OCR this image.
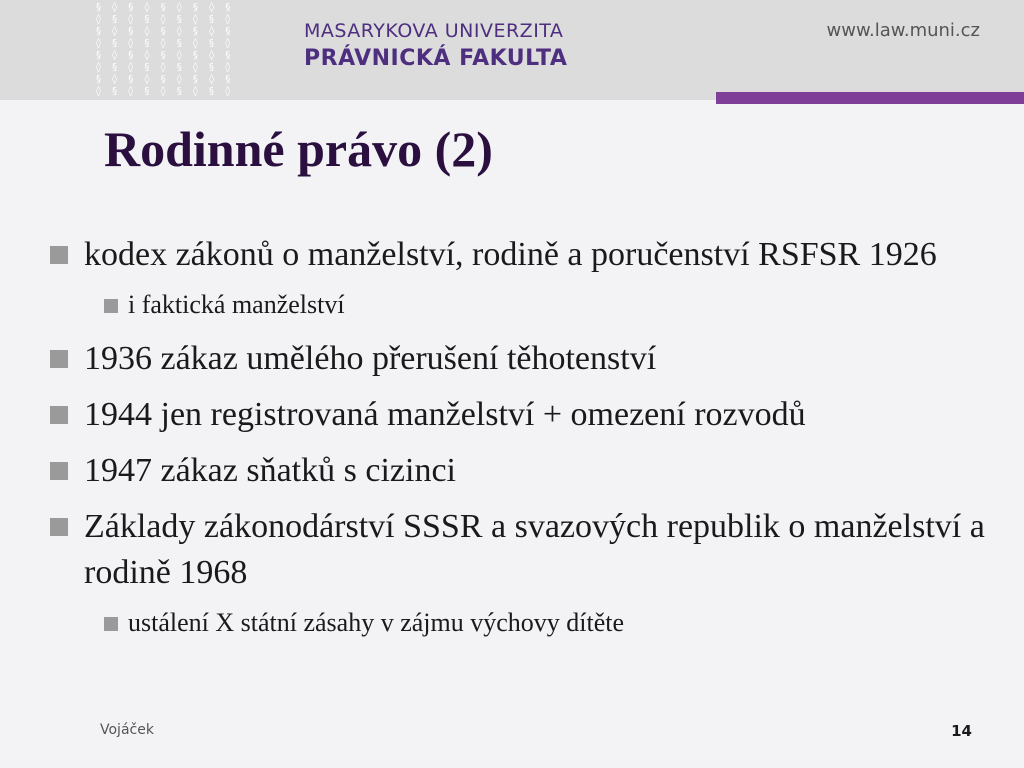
§ ◊ § ◊ § ◊ § ◊ §
◊ § ◊ § ◊ § ◊ § ◊
§ ◊ § ◊ § ◊ § ◊ §
◊ § ◊ § ◊ § ◊ § ◊
§ ◊ § ◊ § ◊ § ◊ §
◊ § ◊ § ◊ § ◊ § ◊
§ ◊ § ◊ § ◊ § ◊ §
◊ § ◊ § ◊ § ◊ § ◊
MASARYKOVA UNIVERZITA
PRÁVNICKÁ FAKULTA
www.law.muni.cz
Rodinné právo (2)
kodex zákonů o manželství, rodině a poručenství RSFSR 1926
i faktická manželství
1936 zákaz umělého přerušení těhotenství
1944 jen registrovaná manželství + omezení rozvodů
1947 zákaz sňatků s cizinci
Základy zákonodárství SSSR a svazových republik o manželství a rodině 1968
ustálení X státní zásahy v zájmu výchovy dítěte
Vojáček	14
